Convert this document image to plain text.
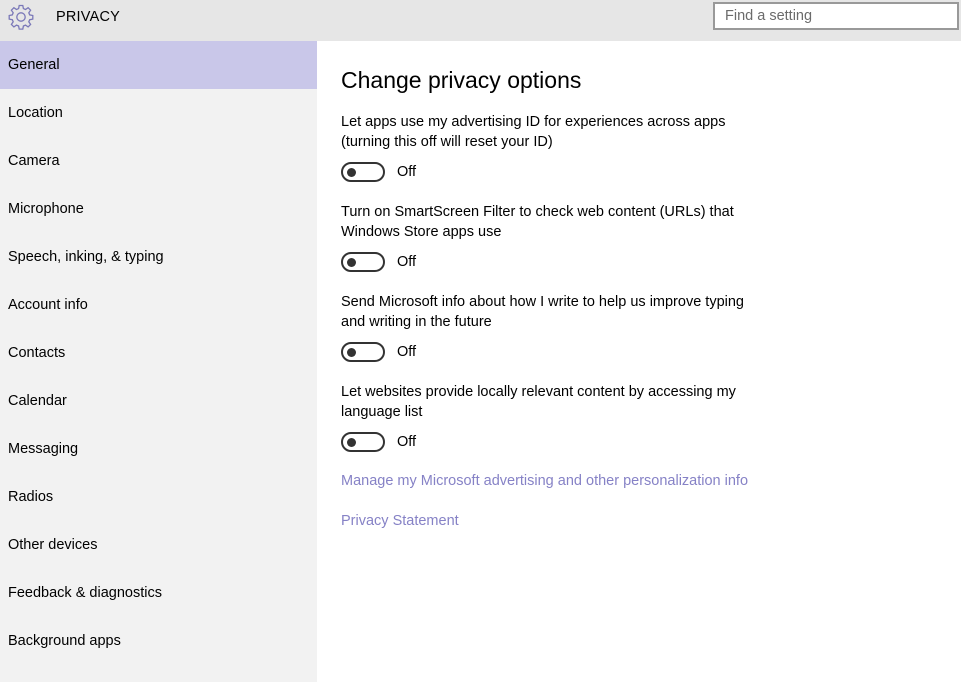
PRIVACY
Find a setting
General
Location
Camera
Microphone
Speech, inking, & typing
Account info
Contacts
Calendar
Messaging
Radios
Other devices
Feedback & diagnostics
Background apps
Change privacy options
Let apps use my advertising ID for experiences across apps
(turning this off will reset your ID)
Off
Turn on SmartScreen Filter to check web content (URLs) that
Windows Store apps use
Off
Send Microsoft info about how I write to help us improve typing
and writing in the future
Off
Let websites provide locally relevant content by accessing my
language list
Off
Manage my Microsoft advertising and other personalization info
Privacy Statement
